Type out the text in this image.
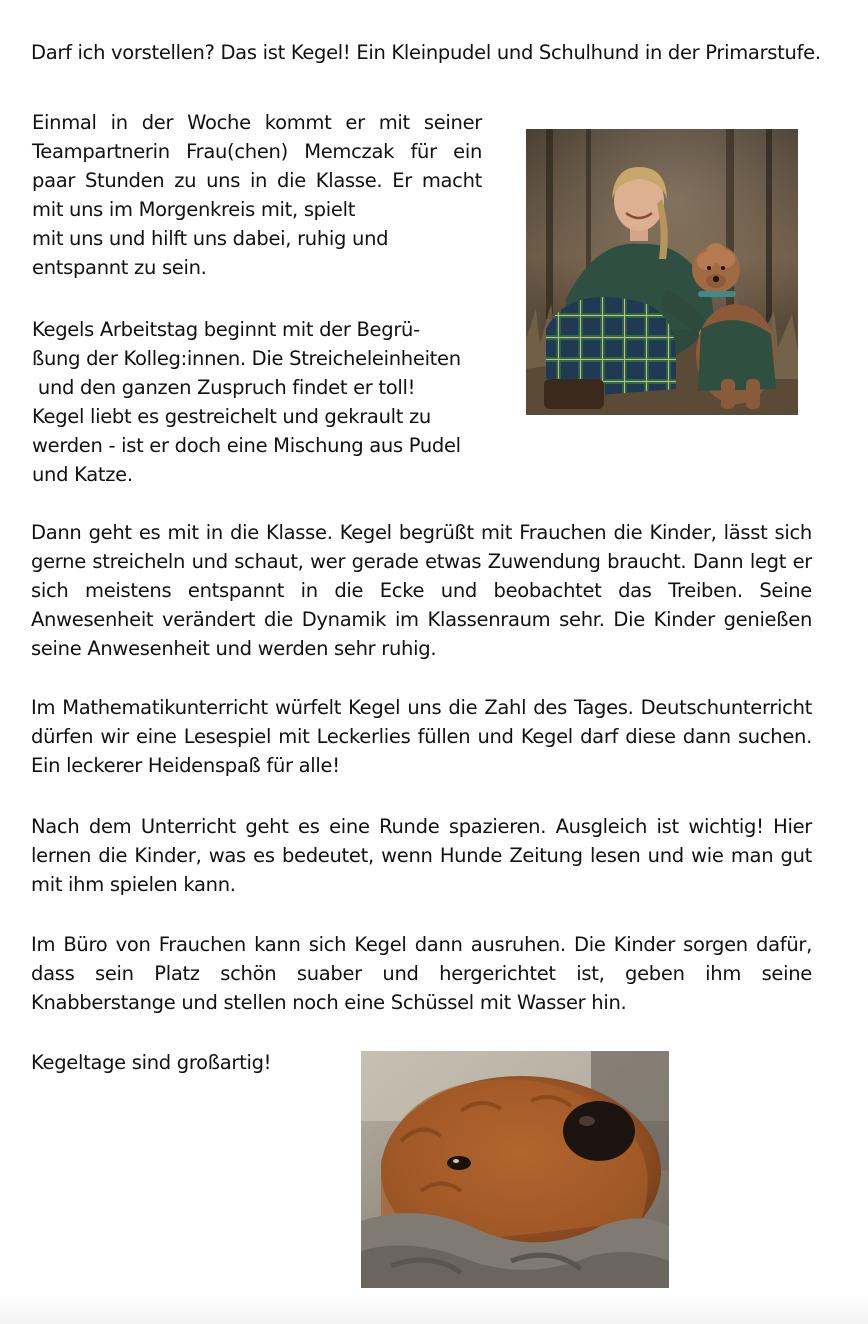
Darf ich vorstellen? Das ist Kegel! Ein Kleinpudel und Schulhund in der Primarstufe.

Einmal in der Woche kommt er mit seiner
Teampartnerin Frau(chen) Memczak für ein
paar Stunden zu uns in die Klasse. Er macht
mit uns im Morgenkreis mit, spielt
mit uns und hilft uns dabei, ruhig und
entspannt zu sein.

Kegels Arbeitstag beginnt mit der Begrü-
ßung der Kolleg:innen. Die Streicheleinheiten
und den ganzen Zuspruch findet er toll!
Kegel liebt es gestreichelt und gekrault zu
werden - ist er doch eine Mischung aus Pudel
und Katze.

Dann geht es mit in die Klasse. Kegel begrüßt mit Frauchen die Kinder, lässt sich gerne streicheln und schaut, wer gerade etwas Zuwendung braucht. Dann legt er sich meistens entspannt in die Ecke und beobachtet das Treiben. Seine Anwesenheit verändert die Dynamik im Klassenraum sehr. Die Kinder genießen seine Anwesenheit und werden sehr ruhig.

Im Mathematikunterricht würfelt Kegel uns die Zahl des Tages. Deutschunterricht dürfen wir eine Lesespiel mit Leckerlies füllen und Kegel darf diese dann suchen. Ein leckerer Heidenspaß für alle!

Nach dem Unterricht geht es eine Runde spazieren. Ausgleich ist wichtig! Hier lernen die Kinder, was es bedeutet, wenn Hunde Zeitung lesen und wie man gut mit ihm spielen kann.

Im Büro von Frauchen kann sich Kegel dann ausruhen. Die Kinder sorgen dafür, dass sein Platz schön suaber und hergerichtet ist, geben ihm seine Knabberstange und stellen noch eine Schüssel mit Wasser hin.

Kegeltage sind großartig!
